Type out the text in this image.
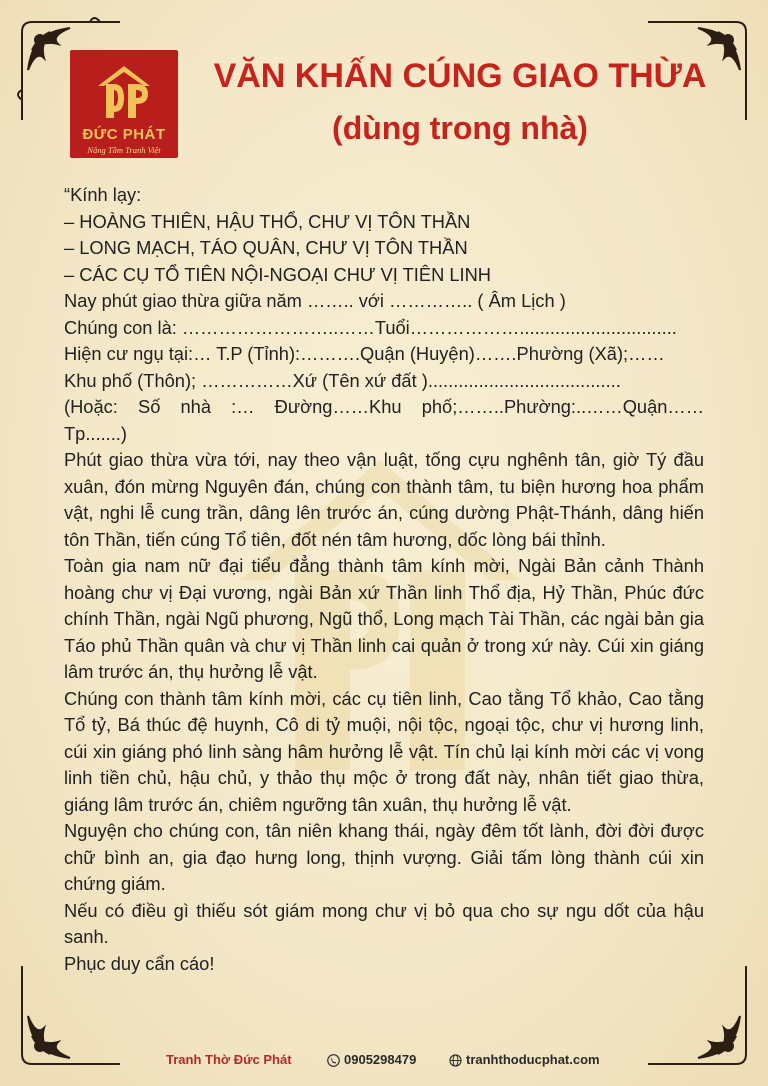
ĐỨC PHÁT
Nâng Tầm Tranh Việt
VĂN KHẤN CÚNG GIAO THỪA
(dùng trong nhà)

“Kính lạy:

– HOÀNG THIÊN, HẬU THỔ, CHƯ VỊ TÔN THẦN

– LONG MẠCH, TÁO QUÂN, CHƯ VỊ TÔN THẦN

– CÁC CỤ TỔ TIÊN NỘI-NGOẠI CHƯ VỊ TIÊN LINH

Nay phút giao thừa giữa năm …….. với ………….. ( Âm Lịch )

Chúng con là: ……………………..……Tuổi………………...............................

Hiện cư ngụ tại:… T.P (Tỉnh):……….Quận (Huyện)…….Phường (Xã);……

Khu phố (Thôn); ……………Xứ (Tên xứ đất )......................................

(Hoặc: Số nhà :… Đường……Khu phố;……..Phường:..……Quận……

Tp.......)

Phút giao thừa vừa tới, nay theo vận luật, tống cựu nghênh tân, giờ Tý đầu xuân, đón mừng Nguyên đán, chúng con thành tâm, tu biện hương hoa phẩm vật, nghi lễ cung trần, dâng lên trước án, cúng dường Phật-Thánh, dâng hiến tôn Thần, tiến cúng Tổ tiên, đốt nén tâm hương, dốc lòng bái thỉnh.

Toàn gia nam nữ đại tiểu đẳng thành tâm kính mời, Ngài Bản cảnh Thành hoàng chư vị Đại vương, ngài Bản xứ Thần linh Thổ địa, Hỷ Thần, Phúc đức chính Thần, ngài Ngũ phương, Ngũ thổ, Long mạch Tài Thần, các ngài bản gia Táo phủ Thần quân và chư vị Thần linh cai quản ở trong xứ này. Cúi xin giáng lâm trước án, thụ hưởng lễ vật.

Chúng con thành tâm kính mời, các cụ tiên linh, Cao tằng Tổ khảo, Cao tằng Tổ tỷ, Bá thúc đệ huynh, Cô di tỷ muội, nội tộc, ngoại tộc, chư vị hương linh, cúi xin giáng phó linh sàng hâm hưởng lễ vật. Tín chủ lại kính mời các vị vong linh tiền chủ, hậu chủ, y thảo thụ mộc ở trong đất này, nhân tiết giao thừa, giáng lâm trước án, chiêm ngưỡng tân xuân, thụ hưởng lễ vật.

Nguyện cho chúng con, tân niên khang thái, ngày đêm tốt lành, đời đời được chữ bình an, gia đạo hưng long, thịnh vượng. Giải tấm lòng thành cúi xin chứng giám.

Nếu có điều gì thiếu sót giám mong chư vị bỏ qua cho sự ngu dốt của hậu sanh.

Phục duy cẩn cáo!

Tranh Thờ Đức Phát	0905298479	tranhthoducphat.com
